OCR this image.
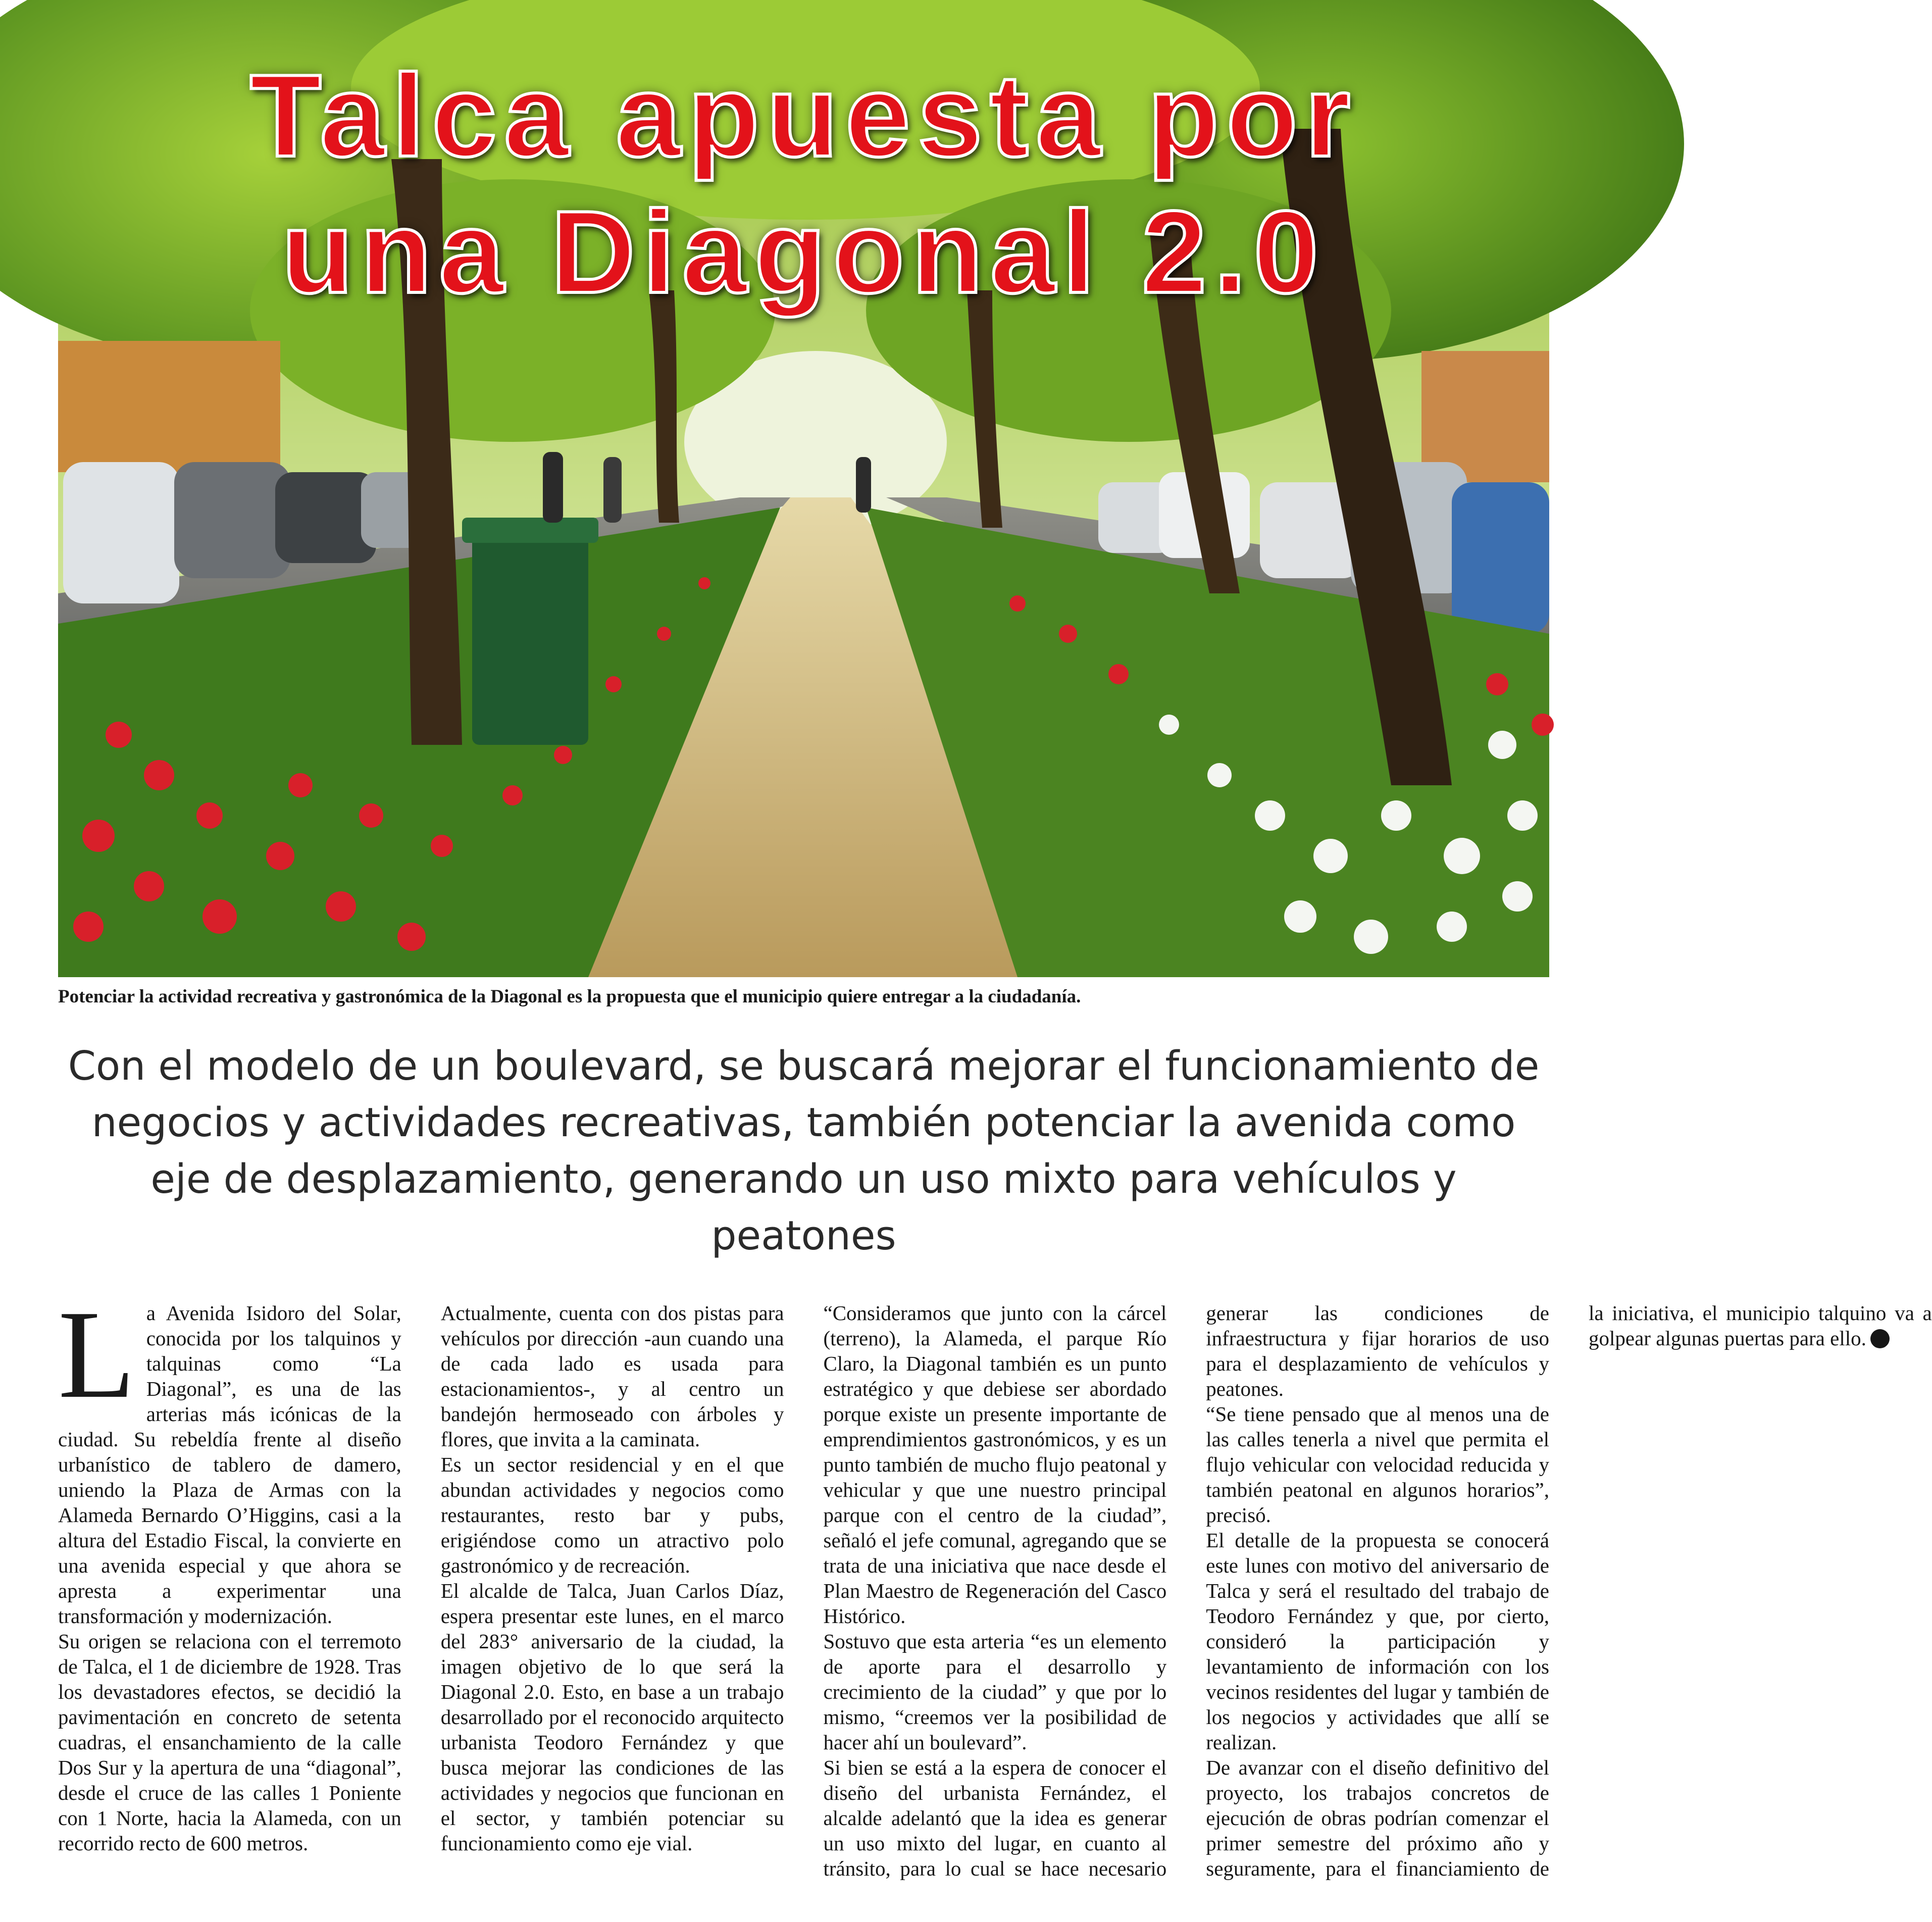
Talca apuesta por
una Diagonal 2.0
Potenciar la actividad recreativa y gastronómica de la Diagonal es la propuesta que el municipio quiere entregar a la ciudadanía.
Con el modelo de un boulevard, se buscará mejorar el funcionamiento de negocios y actividades recreativas, también potenciar la avenida como eje de desplazamiento, generando un uso mixto para vehículos y peatones

La Avenida Isidoro del Solar, conocida por los talquinos y talquinas como “La Diagonal”, es una de las arterias más icónicas de la ciudad. Su rebeldía frente al diseño urbanístico de tablero de damero, uniendo la Plaza de Armas con la Alameda Bernardo O’Higgins, casi a la altura del Estadio Fiscal, la convierte en una avenida especial y que ahora se apresta a experimentar una transformación y modernización.

Su origen se relaciona con el terremoto de Talca, el 1 de diciembre de 1928. Tras los devastadores efectos, se decidió la pavimentación en concreto de setenta cuadras, el ensanchamiento de la calle Dos Sur y la apertura de una “diagonal”, desde el cruce de las calles 1 Poniente con 1 Norte, hacia la Alameda, con un recorrido recto de 600 metros.

Actualmente, cuenta con dos pistas para vehículos por dirección -aun cuando una de cada lado es usada para estacionamientos-, y al centro un bandejón hermoseado con árboles y flores, que invita a la caminata.

Es un sector residencial y en el que abundan actividades y negocios como restaurantes, resto bar y pubs, erigiéndose como un atractivo polo gastronómico y de recreación.

El alcalde de Talca, Juan Carlos Díaz, espera presentar este lunes, en el marco del 283° aniversario de la ciudad, la imagen objetivo de lo que será la Diagonal 2.0. Esto, en base a un trabajo desarrollado por el reconocido arquitecto urbanista Teodoro Fernández y que busca mejorar las condiciones de las actividades y negocios que funcionan en el sector, y también potenciar su funcionamiento como eje vial.

“Consideramos que junto con la cárcel (terreno), la Alameda, el parque Río Claro, la Diagonal también es un punto estratégico y que debiese ser abordado porque existe un presente importante de emprendimientos gastronómicos, y es un punto también de mucho flujo peatonal y vehicular y que une nuestro principal parque con el centro de la ciudad”, señaló el jefe comunal, agregando que se trata de una iniciativa que nace desde el Plan Maestro de Regeneración del Casco Histórico.

Sostuvo que esta arteria “es un elemento de aporte para el desarrollo y crecimiento de la ciudad” y que por lo mismo, “creemos ver la posibilidad de hacer ahí un boulevard”.

Si bien se está a la espera de conocer el diseño del urbanista Fernández, el alcalde adelantó que la idea es generar un uso mixto del lugar, en cuanto al tránsito, para lo cual se hace necesario generar las condiciones de infraestructura y fijar horarios de uso para el desplazamiento de vehículos y peatones.

“Se tiene pensado que al menos una de las calles tenerla a nivel que permita el flujo vehicular con velocidad reducida y también peatonal en algunos horarios”, precisó.

El detalle de la propuesta se conocerá este lunes con motivo del aniversario de Talca y será el resultado del trabajo de Teodoro Fernández y que, por cierto, consideró la participación y levantamiento de información con los vecinos residentes del lugar y también de los negocios y actividades que allí se realizan.

De avanzar con el diseño definitivo del proyecto, los trabajos concretos de ejecución de obras podrían comenzar el primer semestre del próximo año y seguramente, para el financiamiento de la iniciativa, el municipio talquino va a golpear algunas puertas para ello.
